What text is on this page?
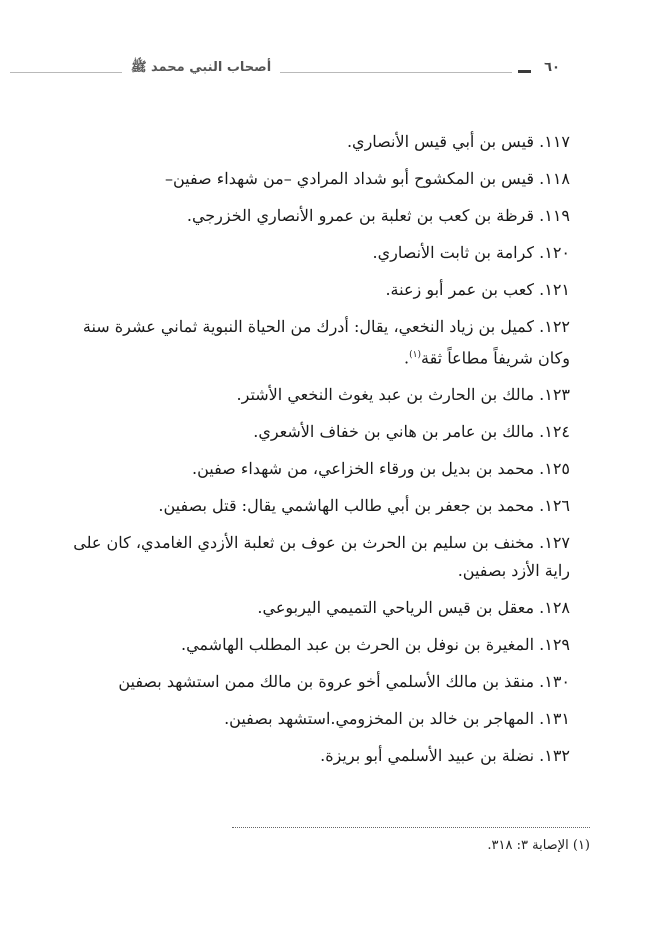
أصحاب النبي محمد ﷺ	٦٠
١١٧. قيس بن أبي قيس الأنصاري.
١١٨. قيس بن المكشوح أبو شداد المرادي –من شهداء صفين–
١١٩. قرظة بن كعب بن ثعلبة بن عمرو الأنصاري الخزرجي.
١٢٠. كرامة بن ثابت الأنصاري.
١٢١. كعب بن عمر أبو زعنة.
١٢٢. كميل بن زياد النخعي، يقال: أدرك من الحياة النبوية ثماني عشرة سنة وكان شريفاً مطاعاً ثقة$^{(١)}$.
١٢٣. مالك بن الحارث بن عبد يغوث النخعي الأشتر.
١٢٤. مالك بن عامر بن هاني بن خفاف الأشعري.
١٢٥. محمد بن بديل بن ورقاء الخزاعي، من شهداء صفين.
١٢٦. محمد بن جعفر بن أبي طالب الهاشمي يقال: قتل بصفين.
١٢٧. مخنف بن سليم بن الحرث بن عوف بن ثعلبة الأزدي الغامدي، كان على راية الأزد بصفين.
١٢٨. معقل بن قيس الرياحي التميمي اليربوعي.
١٢٩. المغيرة بن نوفل بن الحرث بن عبد المطلب الهاشمي.
١٣٠. منقذ بن مالك الأسلمي أخو عروة بن مالك ممن استشهد بصفين
١٣١. المهاجر بن خالد بن المخزومي.استشهد بصفين.
١٣٢. نضلة بن عبيد الأسلمي أبو بريزة.
(١) الإصابة ٣: ٣١٨.
